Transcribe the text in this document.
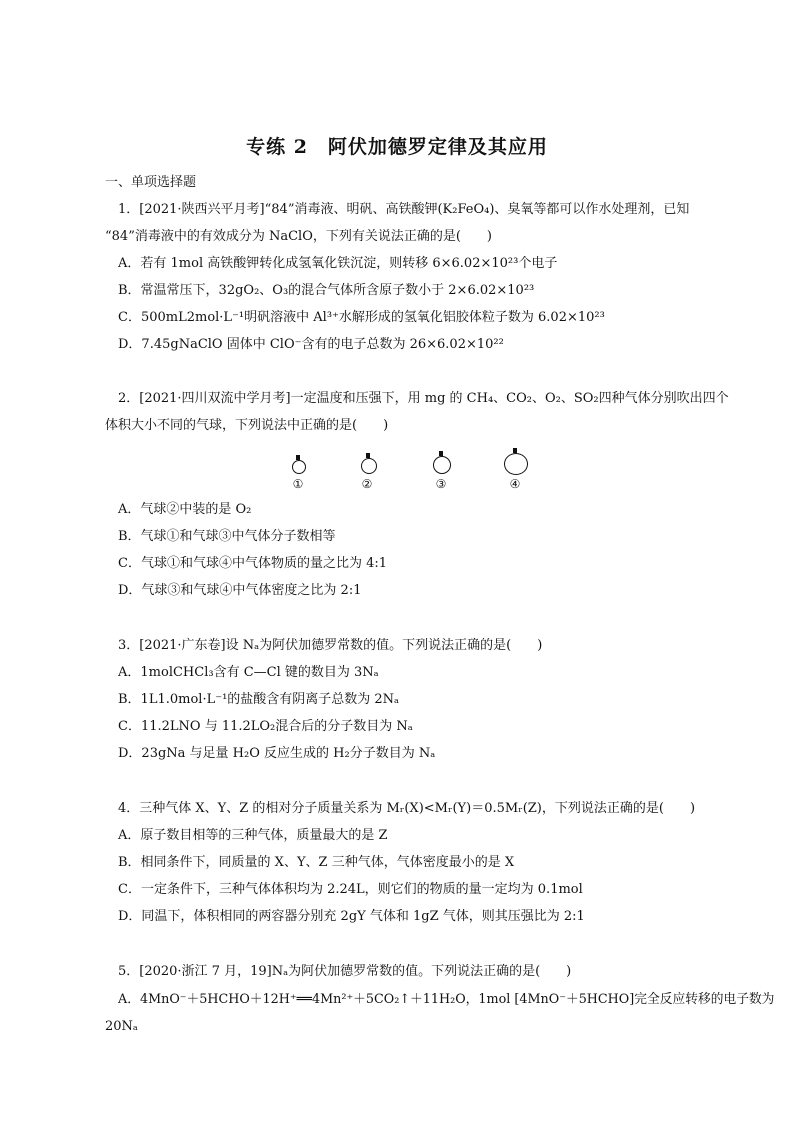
专练 2　阿伏加德罗定律及其应用
一、单项选择题
1．[2021·陕西兴平月考]“84”消毒液、明矾、高铁酸钾(K₂FeO₄)、臭氧等都可以作水处理剂，已知
“84”消毒液中的有效成分为 NaClO，下列有关说法正确的是(　　)
A．若有 1mol 高铁酸钾转化成氢氧化铁沉淀，则转移 6×6.02×10²³个电子
B．常温常压下，32gO₂、O₃的混合气体所含原子数小于 2×6.02×10²³
C．500mL2mol·L⁻¹明矾溶液中 Al³⁺水解形成的氢氧化铝胶体粒子数为 6.02×10²³
D．7.45gNaClO 固体中 ClO⁻含有的电子总数为 26×6.02×10²²
2．[2021·四川双流中学月考]一定温度和压强下，用 mg 的 CH₄、CO₂、O₂、SO₂四种气体分别吹出四个
体积大小不同的气球，下列说法中正确的是(　　)
①	②	③	④
A．气球②中装的是 O₂
B．气球①和气球③中气体分子数相等
C．气球①和气球④中气体物质的量之比为 4:1
D．气球③和气球④中气体密度之比为 2:1
3．[2021·广东卷]设 Nₐ为阿伏加德罗常数的值。下列说法正确的是(　　)
A．1molCHCl₃含有 C—Cl 键的数目为 3Nₐ
B．1L1.0mol·L⁻¹的盐酸含有阴离子总数为 2Nₐ
C．11.2LNO 与 11.2LO₂混合后的分子数目为 Nₐ
D．23gNa 与足量 H₂O 反应生成的 H₂分子数目为 Nₐ
4．三种气体 X、Y、Z 的相对分子质量关系为 Mᵣ(X)<Mᵣ(Y)＝0.5Mᵣ(Z)，下列说法正确的是(　　)
A．原子数目相等的三种气体，质量最大的是 Z
B．相同条件下，同质量的 X、Y、Z 三种气体，气体密度最小的是 X
C．一定条件下，三种气体体积均为 2.24L，则它们的物质的量一定均为 0.1mol
D．同温下，体积相同的两容器分别充 2gY 气体和 1gZ 气体，则其压强比为 2:1
5．[2020·浙江 7 月，19]Nₐ为阿伏加德罗常数的值。下列说法正确的是(　　)
A．4MnO⁻＋5HCHO＋12H⁺══4Mn²⁺＋5CO₂↑＋11H₂O，1mol [4MnO⁻＋5HCHO]完全反应转移的电子数为
20Nₐ
